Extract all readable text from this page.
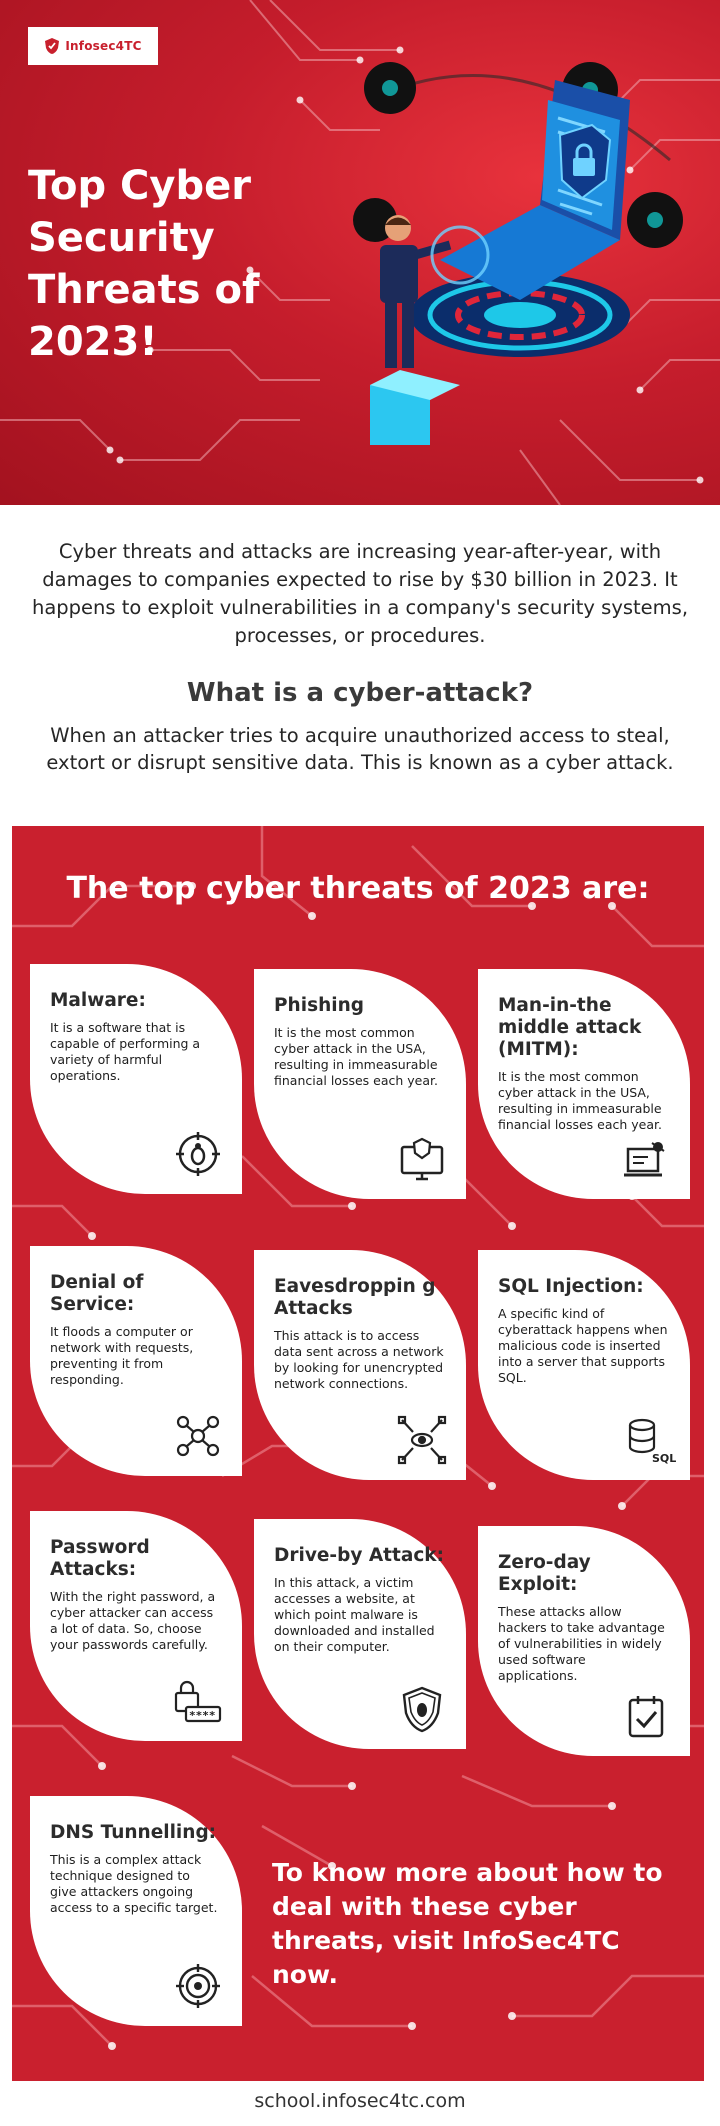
Infosec4TC
Top Cyber
Security
Threats of
2023!

Cyber threats and attacks are increasing year-after-year, with damages to companies expected to rise by $30 billion in 2023. It happens to exploit vulnerabilities in a company's security systems, processes, or procedures.

What is a cyber-attack?

When an attacker tries to acquire unauthorized access to steal, extort or disrupt sensitive data. This is known as a cyber attack.

The top cyber threats of 2023 are:
Malware:
It is a software that is capable of performing a variety of harmful operations.
Phishing
It is the most common cyber attack in the USA, resulting in immeasurable financial losses each year.
Man-in-the middle attack (MITM):
It is the most common cyber attack in the USA, resulting in immeasurable financial losses each year.
Denial of Service:
It floods a computer or network with requests, preventing it from responding.
Eavesdroppin g Attacks
This attack is to access data sent across a network by looking for unencrypted network connections.
SQL Injection:
A specific kind of cyberattack happens when malicious code is inserted into a server that supports SQL.
SQL
Password Attacks:
With the right password, a cyber attacker can access a lot of data. So, choose your passwords carefully.
****
Drive-by Attack:
In this attack, a victim accesses a website, at which point malware is downloaded and installed on their computer.
Zero-day Exploit:
These attacks allow hackers to take advantage of vulnerabilities in widely used software applications.
DNS Tunnelling:
This is a complex attack technique designed to give attackers ongoing access to a specific target.

To know more about how to deal with these cyber threats, visit InfoSec4TC now.

school.infosec4tc.com
